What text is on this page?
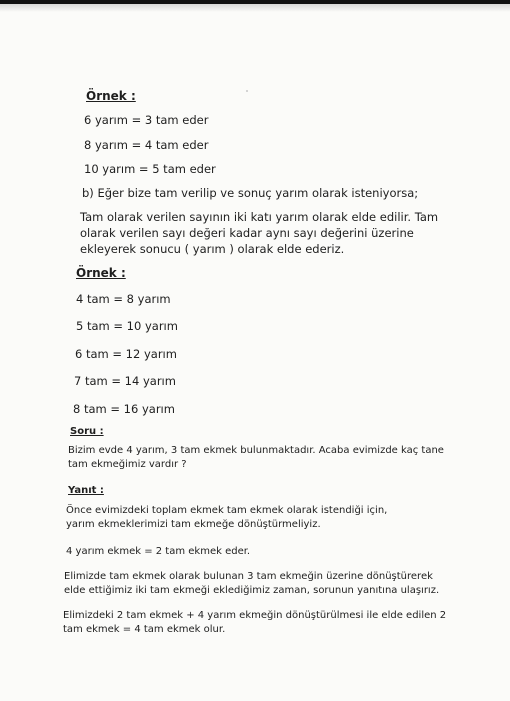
Örnek :
6 yarım = 3 tam eder
8 yarım = 4 tam eder
10 yarım = 5 tam eder
b) Eğer bize tam verilip ve sonuç yarım olarak isteniyorsa;
Tam olarak verilen sayının iki katı yarım olarak elde edilir. Tam olarak verilen sayı değeri kadar aynı sayı değerini üzerine ekleyerek sonucu ( yarım ) olarak elde ederiz.
Örnek :
4 tam = 8 yarım
5 tam = 10 yarım
6 tam = 12 yarım
7 tam = 14 yarım
8 tam = 16 yarım
Soru :
Bizim evde 4 yarım, 3 tam ekmek bulunmaktadır. Acaba evimizde kaç tane tam ekmeğimiz vardır ?
Yanıt :
Önce evimizdeki toplam ekmek tam ekmek olarak istendiği için, yarım ekmeklerimizi tam ekmeğe dönüştürmeliyiz.
4 yarım ekmek = 2 tam ekmek eder.
Elimizde tam ekmek olarak bulunan 3 tam ekmeğin üzerine dönüştürerek elde ettiğimiz iki tam ekmeği eklediğimiz zaman, sorunun yanıtına ulaşırız.
Elimizdeki 2 tam ekmek + 4 yarım ekmeğin dönüştürülmesi ile elde edilen 2 tam ekmek = 4 tam ekmek olur.
